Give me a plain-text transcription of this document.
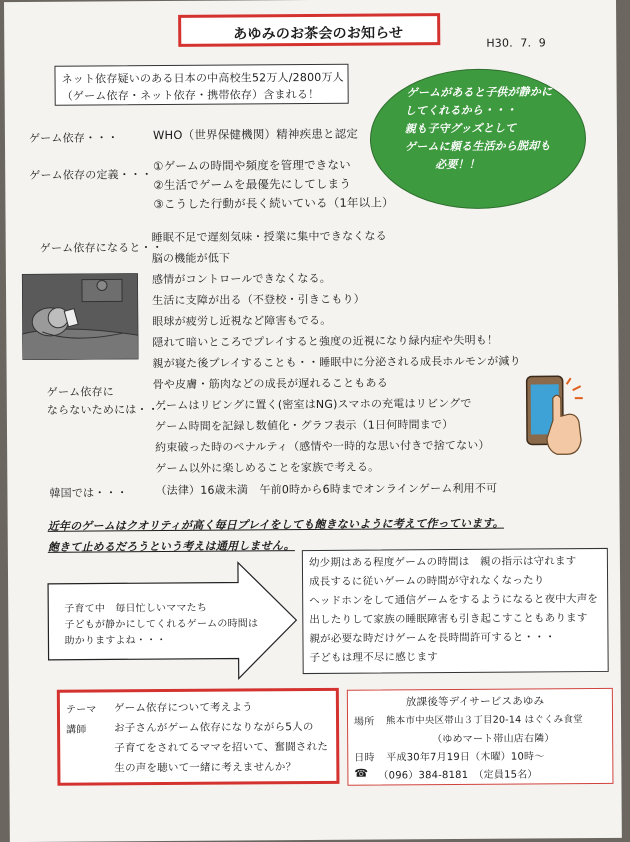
あゆみのお茶会のお知らせ
H30．7．9
ネット依存疑いのある日本の中高校生52万人/2800万人
（ゲーム依存・ネット依存・携帯依存）含まれる！	ゲームがあると子供が静かに
してくれるから・・・
親も子守グッズとして
ゲームに頼る生活から脱却も
必要！！
ゲーム依存・・・	WHO（世界保健機関）精神疾患と認定
ゲーム依存の定義・・・
①ゲームの時間や頻度を管理できない
②生活でゲームを最優先にしてしまう
③こうした行動が長く続いている（1年以上）
ゲーム依存になると・・
睡眠不足で遅刻気味・授業に集中できなくなる
脳の機能が低下
感情がコントロールできなくなる。
生活に支障が出る（不登校・引きこもり）
眼球が疲労し近視など障害もでる。
隠れて暗いところでプレイすると強度の近視になり緑内症や失明も！
親が寝た後プレイすることも・・睡眠中に分泌される成長ホルモンが減り
骨や皮膚・筋肉などの成長が遅れることもある
ゲーム依存に
ならないためには・・・
ゲームはリビングに置く(密室はNG)スマホの充電はリビングで
ゲーム時間を記録し数値化・グラフ表示（1日何時間まで）
約束破った時のペナルティ（感情や一時的な思い付きで捨てない）
ゲーム以外に楽しめることを家族で考える。
韓国では・・・ （法律）16歳未満　午前0時から6時までオンラインゲーム利用不可
近年のゲームはクオリティが高く毎日プレイをしても飽きないように考えて作っています。
飽きて止めるだろうという考えは通用しません。
子育て中　毎日忙しいママたち
子どもが静かにしてくれるゲームの時間は
助かりますよね・・・
幼少期はある程度ゲームの時間は　親の指示は守れます
成長するに従いゲームの時間が守れなくなったり
ヘッドホンをして通信ゲームをするようになると夜中大声を
出したりして家族の睡眠障害も引き起こすこともあります
親が必要な時だけゲームを長時間許可すると・・・
子どもは理不尽に感じます
テーマ ゲーム依存について考えよう
講師	お子さんがゲーム依存になりながら5人の
子育てをされてるママを招いて、奮闘された
生の声を聴いて一緒に考えませんか？
放課後等デイサービスあゆみ
場所 熊本市中央区帯山３丁目20-14 はぐくみ食堂
（ゆめマート帯山店右隣）
日時 平成30年7月19日（木曜）10時～
☎ （096）384-8181　（定員15名）
